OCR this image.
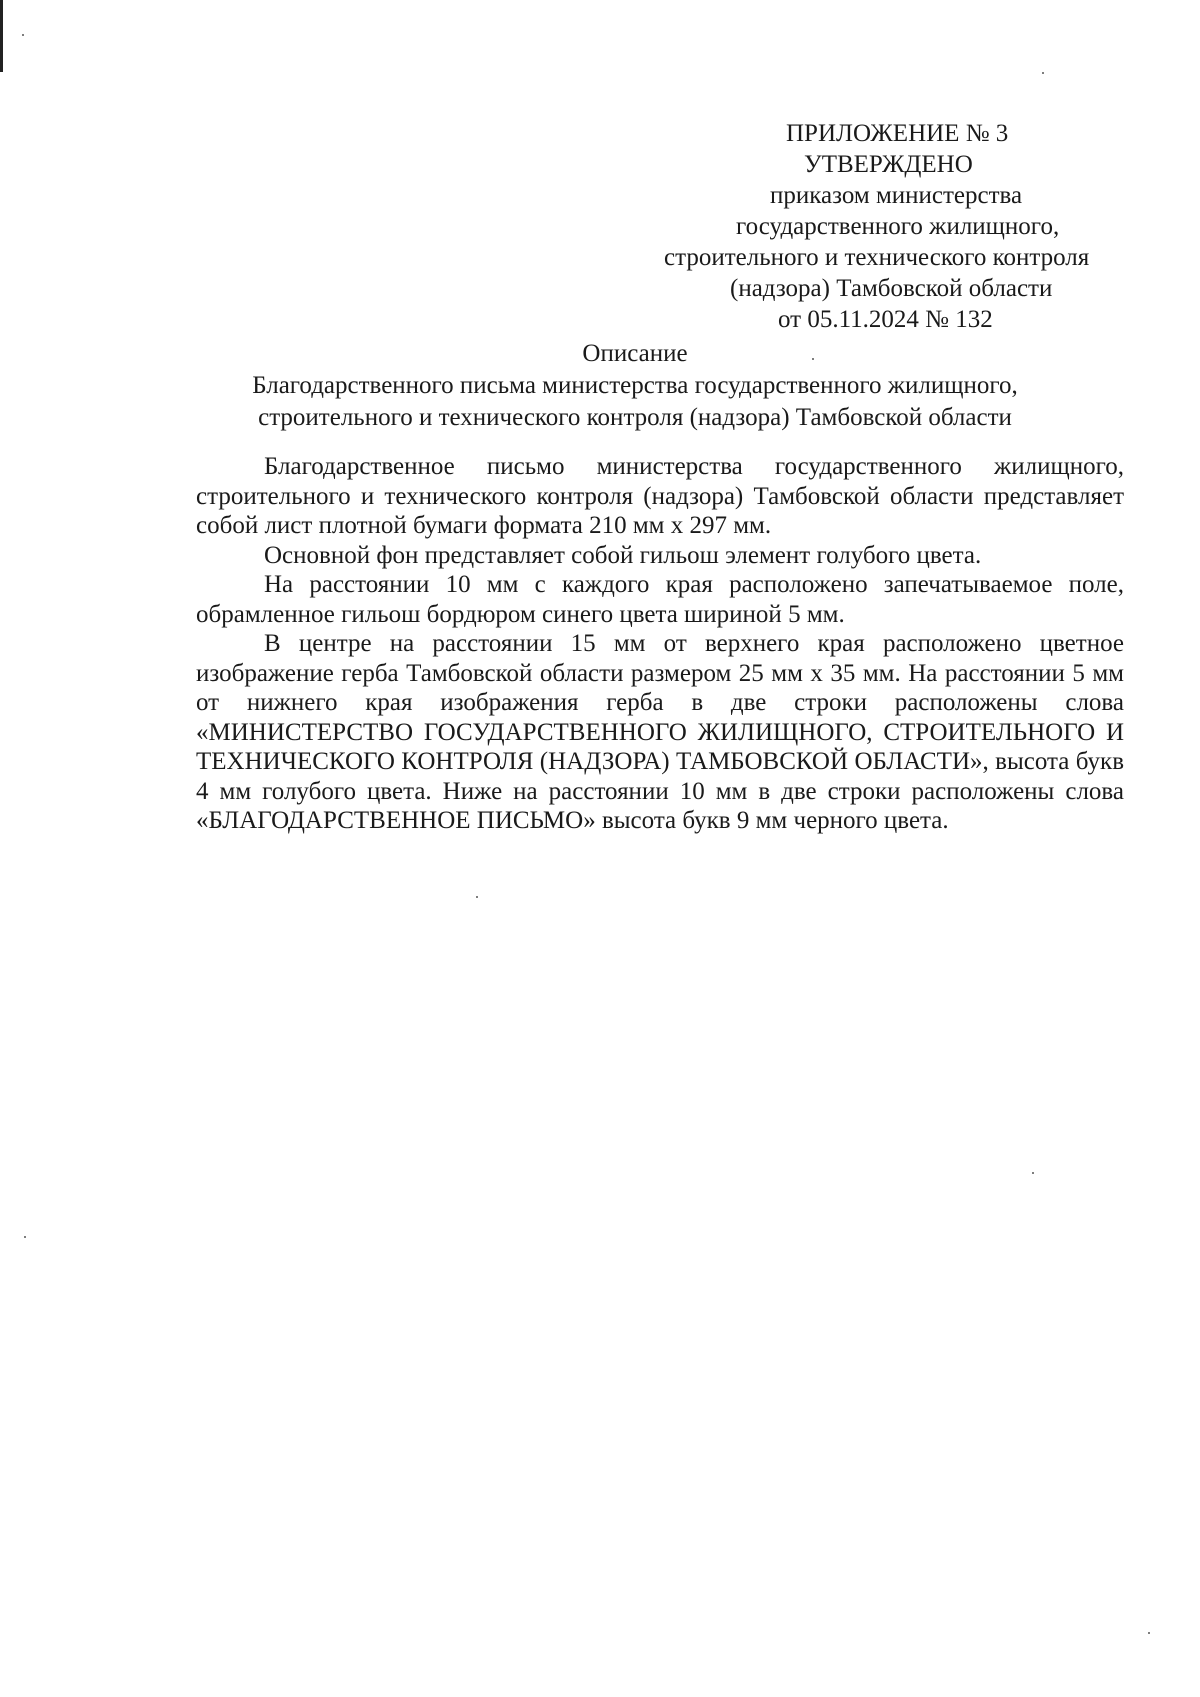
ПРИЛОЖЕНИЕ № 3
УТВЕРЖДЕНО
приказом министерства
государственного жилищного,
строительного и технического контроля
(надзора) Тамбовской области
от 05.11.2024 № 132
Описание
Благодарственного письма министерства государственного жилищного,
строительного и технического контроля (надзора) Тамбовской области

Благодарственное письмо министерства государственного жилищного, строительного и технического контроля (надзора) Тамбовской области представляет собой лист плотной бумаги формата 210 мм х 297 мм.

Основной фон представляет собой гильош элемент голубого цвета.

На расстоянии 10 мм с каждого края расположено запечатываемое поле, обрамленное гильош бордюром синего цвета шириной 5 мм.

В центре на расстоянии 15 мм от верхнего края расположено цветное изображение герба Тамбовской области размером 25 мм х 35 мм. На расстоянии 5 мм от нижнего края изображения герба в две строки расположены слова «МИНИСТЕРСТВО ГОСУДАРСТВЕННОГО ЖИЛИЩНОГО, СТРОИТЕЛЬНОГО И ТЕХНИЧЕСКОГО КОНТРОЛЯ (НАДЗОРА) ТАМБОВСКОЙ ОБЛАСТИ», высота букв 4 мм голубого цвета. Ниже на расстоянии 10 мм в две строки расположены слова «БЛАГОДАРСТВЕННОЕ ПИСЬМО» высота букв 9 мм черного цвета.
